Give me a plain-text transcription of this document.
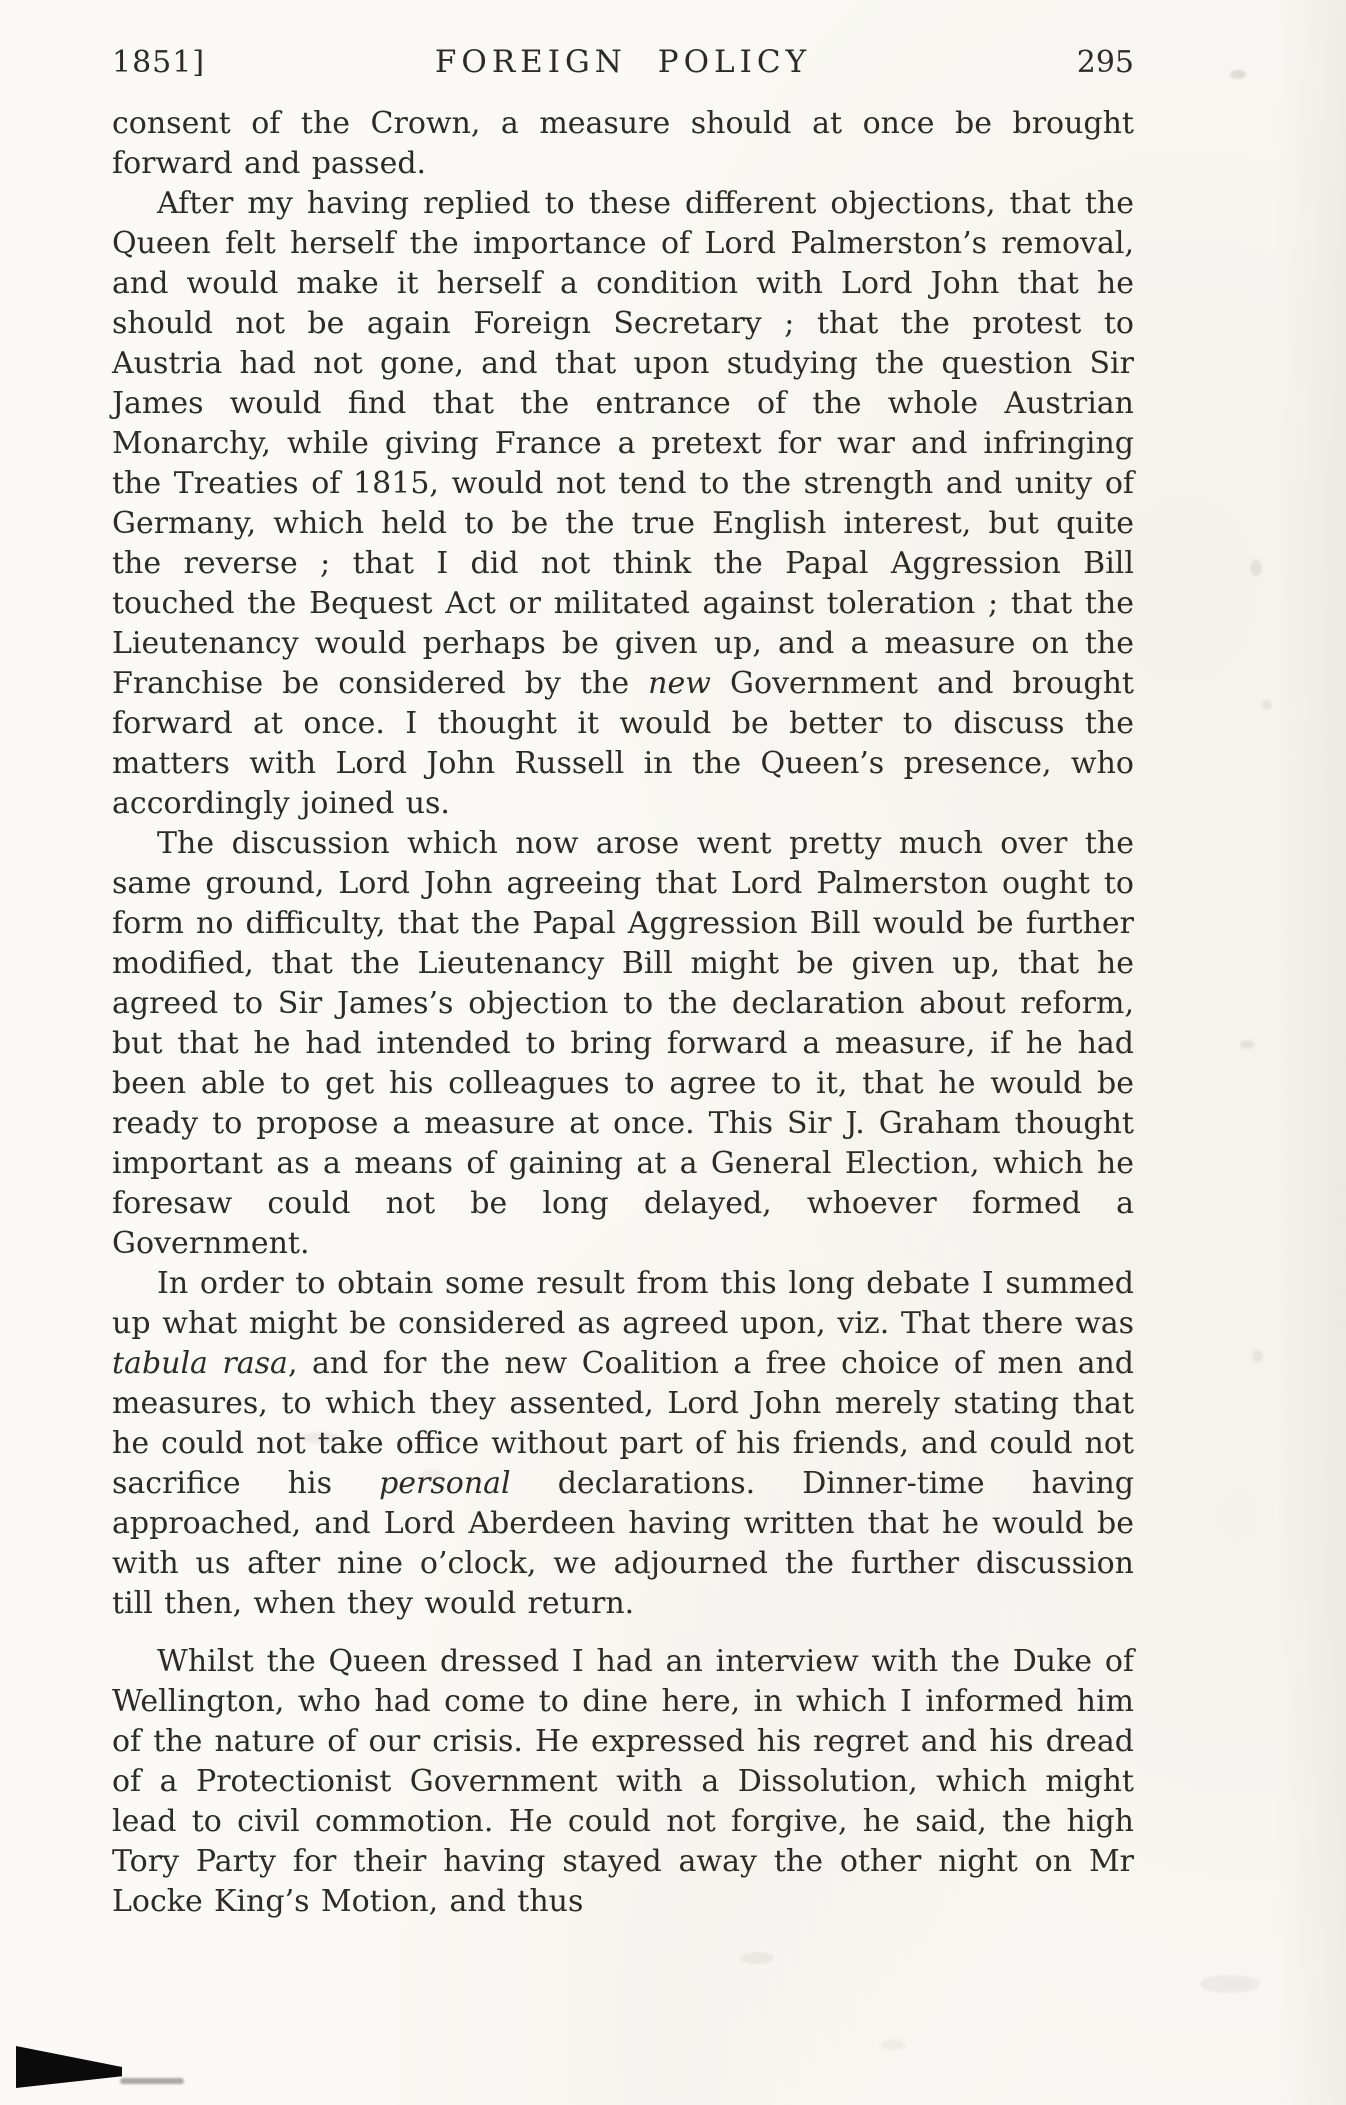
1851]	FOREIGN POLICY	295

consent of the Crown, a measure should at once be brought forward and passed.

After my having replied to these different objections, that the Queen felt herself the importance of Lord Palmerston’s removal, and would make it herself a condition with Lord John that he should not be again Foreign Secretary ; that the protest to Austria had not gone, and that upon studying the question Sir James would find that the entrance of the whole Austrian Monarchy, while giving France a pretext for war and infringing the Treaties of 1815, would not tend to the strength and unity of Germany, which held to be the true English interest, but quite the reverse ; that I did not think the Papal Aggression Bill touched the Bequest Act or militated against toleration ; that the Lieutenancy would perhaps be given up, and a measure on the Franchise be considered by the new Government and brought forward at once. I thought it would be better to discuss the matters with Lord John Russell in the Queen’s presence, who accordingly joined us.

The discussion which now arose went pretty much over the same ground, Lord John agreeing that Lord Palmerston ought to form no difficulty, that the Papal Aggression Bill would be further modified, that the Lieutenancy Bill might be given up, that he agreed to Sir James’s objection to the declaration about reform, but that he had intended to bring forward a measure, if he had been able to get his colleagues to agree to it, that he would be ready to propose a measure at once. This Sir J. Graham thought important as a means of gaining at a General Election, which he foresaw could not be long delayed, whoever formed a Government.

In order to obtain some result from this long debate I summed up what might be considered as agreed upon, viz. That there was tabula rasa, and for the new Coalition a free choice of men and measures, to which they assented, Lord John merely stating that he could not take office without part of his friends, and could not sacrifice his personal declarations. Dinner-time having approached, and Lord Aberdeen having written that he would be with us after nine o’clock, we adjourned the further discussion till then, when they would return.

Whilst the Queen dressed I had an interview with the Duke of Wellington, who had come to dine here, in which I informed him of the nature of our crisis. He expressed his regret and his dread of a Protectionist Government with a Dissolution, which might lead to civil commotion. He could not forgive, he said, the high Tory Party for their having stayed away the other night on Mr Locke King’s Motion, and thus
